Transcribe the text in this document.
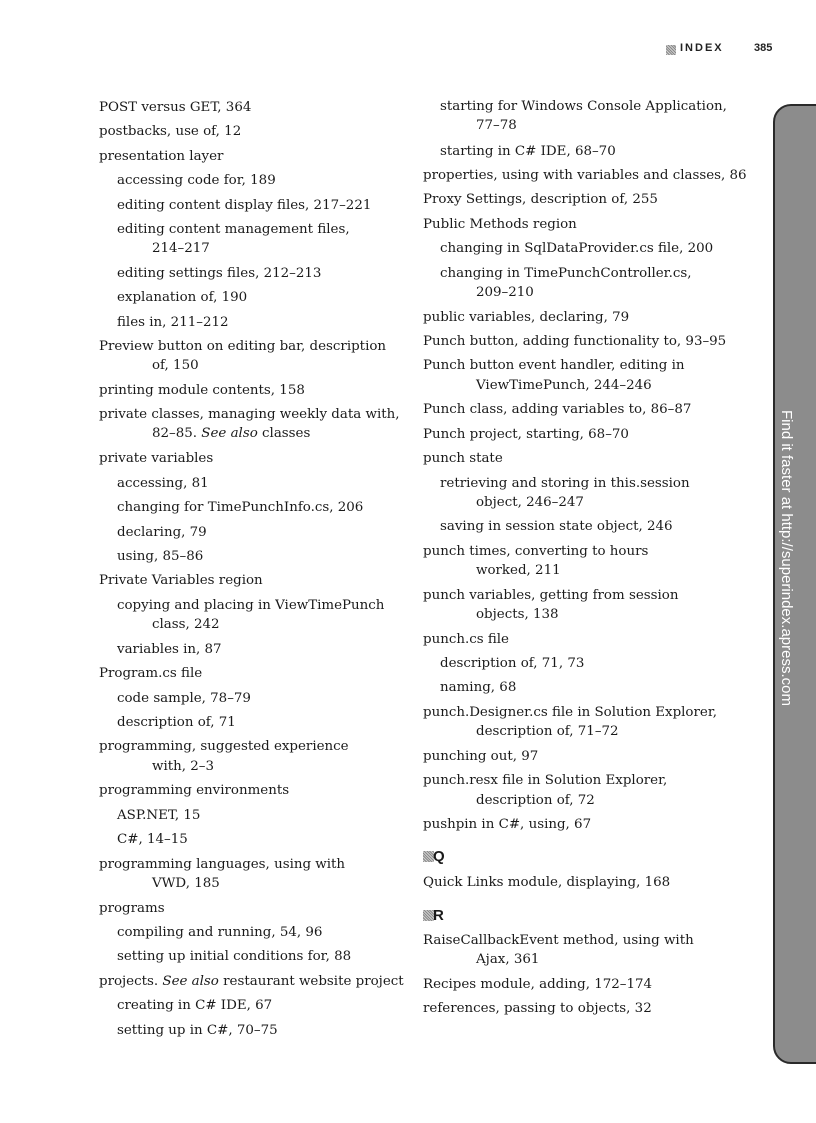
INDEX	385
POST versus GET, 364
postbacks, use of, 12
presentation layer
accessing code for, 189
editing content display files, 217–221
editing content management files,
214–217
editing settings files, 212–213
explanation of, 190
files in, 211–212
Preview button on editing bar, description
of, 150
printing module contents, 158
private classes, managing weekly data with,
82–85. See also classes
private variables
accessing, 81
changing for TimePunchInfo.cs, 206
declaring, 79
using, 85–86
Private Variables region
copying and placing in ViewTimePunch
class, 242
variables in, 87
Program.cs file
code sample, 78–79
description of, 71
programming, suggested experience
with, 2–3
programming environments
ASP.NET, 15
C#, 14–15
programming languages, using with
VWD, 185
programs
compiling and running, 54, 96
setting up initial conditions for, 88
projects. See also restaurant website project
creating in C# IDE, 67
setting up in C#, 70–75
starting for Windows Console Application,
77–78
starting in C# IDE, 68–70
properties, using with variables and classes, 86
Proxy Settings, description of, 255
Public Methods region
changing in SqlDataProvider.cs file, 200
changing in TimePunchController.cs,
209–210
public variables, declaring, 79
Punch button, adding functionality to, 93–95
Punch button event handler, editing in
ViewTimePunch, 244–246
Punch class, adding variables to, 86–87
Punch project, starting, 68–70
punch state
retrieving and storing in this.session
object, 246–247
saving in session state object, 246
punch times, converting to hours
worked, 211
punch variables, getting from session
objects, 138
punch.cs file
description of, 71, 73
naming, 68
punch.Designer.cs file in Solution Explorer,
description of, 71–72
punching out, 97
punch.resx file in Solution Explorer,
description of, 72
pushpin in C#, using, 67
Q
Quick Links module, displaying, 168
R
RaiseCallbackEvent method, using with
Ajax, 361
Recipes module, adding, 172–174
references, passing to objects, 32
Find it faster at http://superindex.apress.com
